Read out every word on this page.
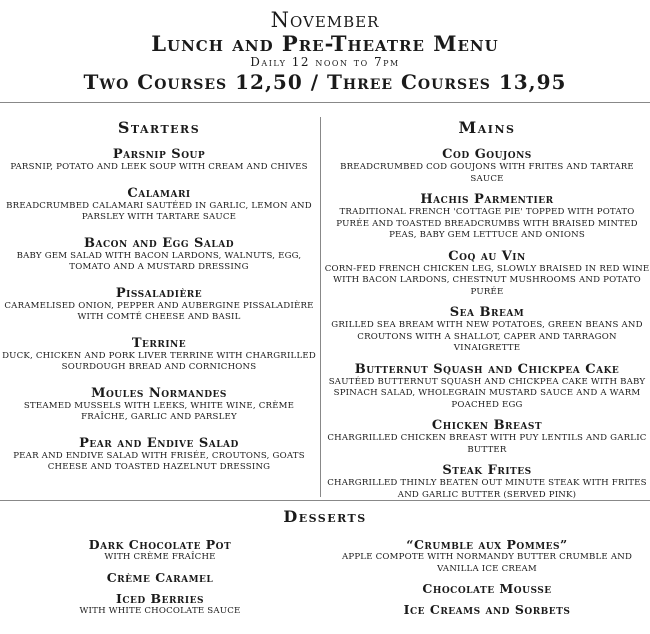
November
Lunch and Pre-Theatre Menu
Daily 12 noon to 7pm
Two Courses 12,50 / Three Courses 13,95
Starters
Parsnip Soup
PARSNIP, POTATO AND LEEK SOUP WITH CREAM AND CHIVES
Calamari
BREADCRUMBED CALAMARI SAUTÉED IN GARLIC, LEMON AND PARSLEY WITH TARTARE SAUCE
Bacon and Egg Salad
BABY GEM SALAD WITH BACON LARDONS, WALNUTS, EGG, TOMATO AND A MUSTARD DRESSING
Pissaladière
CARAMELISED ONION, PEPPER AND AUBERGINE PISSALADIÈRE WITH COMTÉ CHEESE AND BASIL
Terrine
DUCK, CHICKEN AND PORK LIVER TERRINE WITH CHARGRILLED SOURDOUGH BREAD AND CORNICHONS
Moules Normandes
STEAMED MUSSELS WITH LEEKS, WHITE WINE, CRÈME FRAÎCHE, GARLIC AND PARSLEY
Pear and Endive Salad
PEAR AND ENDIVE SALAD WITH FRISÉE, CROUTONS, GOATS CHEESE AND TOASTED HAZELNUT DRESSING
Mains
Cod Goujons
BREADCRUMBED COD GOUJONS WITH FRITES AND TARTARE SAUCE
Hachis Parmentier
TRADITIONAL FRENCH 'COTTAGE PIE' TOPPED WITH POTATO PURÉE AND TOASTED BREADCRUMBS WITH BRAISED MINTED PEAS, BABY GEM LETTUCE AND ONIONS
Coq au Vin
CORN-FED FRENCH CHICKEN LEG, SLOWLY BRAISED IN RED WINE WITH BACON LARDONS, CHESTNUT MUSHROOMS AND POTATO PURÉE
Sea Bream
GRILLED SEA BREAM WITH NEW POTATOES, GREEN BEANS AND CROUTONS WITH A SHALLOT, CAPER AND TARRAGON VINAIGRETTE
Butternut Squash and Chickpea Cake
SAUTÉED BUTTERNUT SQUASH AND CHICKPEA CAKE WITH BABY SPINACH SALAD, WHOLEGRAIN MUSTARD SAUCE AND A WARM POACHED EGG
Chicken Breast
CHARGRILLED CHICKEN BREAST WITH PUY LENTILS AND GARLIC BUTTER
Steak Frites
CHARGRILLED THINLY BEATEN OUT MINUTE STEAK WITH FRITES AND GARLIC BUTTER (SERVED PINK)
Desserts
Dark Chocolate Pot
WITH CRÈME FRAÎCHE
Crème Caramel
Iced Berries
WITH WHITE CHOCOLATE SAUCE
“Crumble aux Pommes”
APPLE COMPOTE WITH NORMANDY BUTTER CRUMBLE AND VANILLA ICE CREAM
Chocolate Mousse
Ice Creams and Sorbets
